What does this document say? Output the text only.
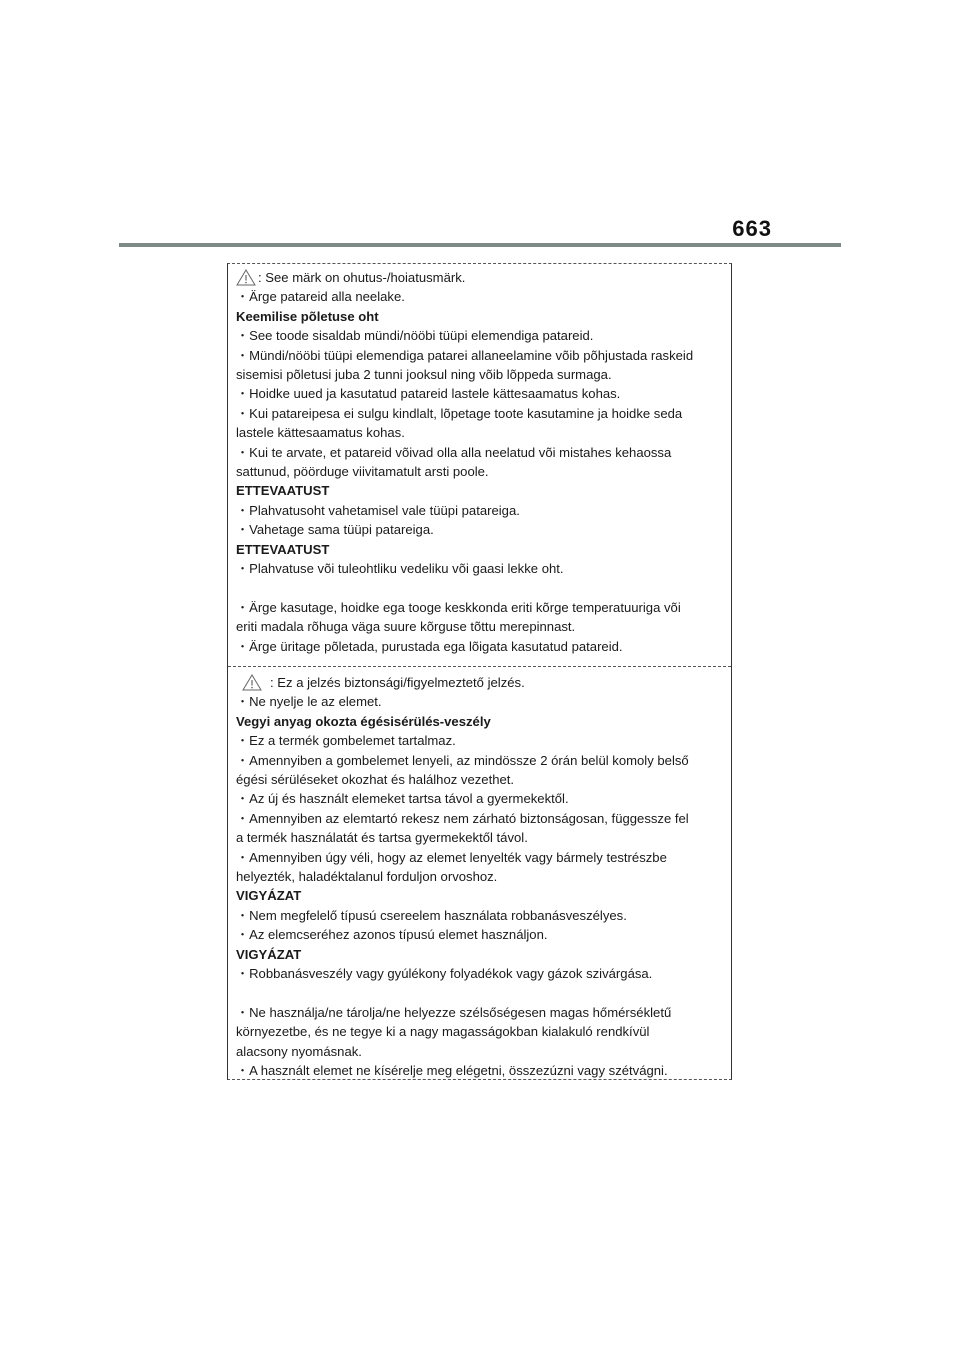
663
: See märk on ohutus-/hoiatusmärk.
・Ärge patareid alla neelake.
Keemilise põletuse oht
・See toode sisaldab mündi/nööbi tüüpi elemendiga patareid.
・Mündi/nööbi tüüpi elemendiga patarei allaneelamine võib põhjustada raskeid
sisemisi põletusi juba 2 tunni jooksul ning võib lõppeda surmaga.
・Hoidke uued ja kasutatud patareid lastele kättesaamatus kohas.
・Kui patareipesa ei sulgu kindlalt, lõpetage toote kasutamine ja hoidke seda
lastele kättesaamatus kohas.
・Kui te arvate, et patareid võivad olla alla neelatud või mistahes kehaossa
sattunud, pöörduge viivitamatult arsti poole.
ETTEVAATUST
・Plahvatusoht vahetamisel vale tüüpi patareiga.
・Vahetage sama tüüpi patareiga.
ETTEVAATUST
・Plahvatuse või tuleohtliku vedeliku või gaasi lekke oht.
・Ärge kasutage, hoidke ega tooge keskkonda eriti kõrge temperatuuriga või
eriti madala rõhuga väga suure kõrguse tõttu merepinnast.
・Ärge üritage põletada, purustada ega lõigata kasutatud patareid.
: Ez a jelzés biztonsági/figyelmeztető jelzés.
・Ne nyelje le az elemet.
Vegyi anyag okozta égésisérülés-veszély
・Ez a termék gombelemet tartalmaz.
・Amennyiben a gombelemet lenyeli, az mindössze 2 órán belül komoly belső
égési sérüléseket okozhat és halálhoz vezethet.
・Az új és használt elemeket tartsa távol a gyermekektől.
・Amennyiben az elemtartó rekesz nem zárható biztonságosan, függessze fel
a termék használatát és tartsa gyermekektől távol.
・Amennyiben úgy véli, hogy az elemet lenyelték vagy bármely testrészbe
helyezték, haladéktalanul forduljon orvoshoz.
VIGYÁZAT
・Nem megfelelő típusú csereelem használata robbanásveszélyes.
・Az elemcseréhez azonos típusú elemet használjon.
VIGYÁZAT
・Robbanásveszély vagy gyúlékony folyadékok vagy gázok szivárgása.
・Ne használja/ne tárolja/ne helyezze szélsőségesen magas hőmérsékletű
környezetbe, és ne tegye ki a nagy magasságokban kialakuló rendkívül
alacsony nyomásnak.
・A használt elemet ne kísérelje meg elégetni, összezúzni vagy szétvágni.
